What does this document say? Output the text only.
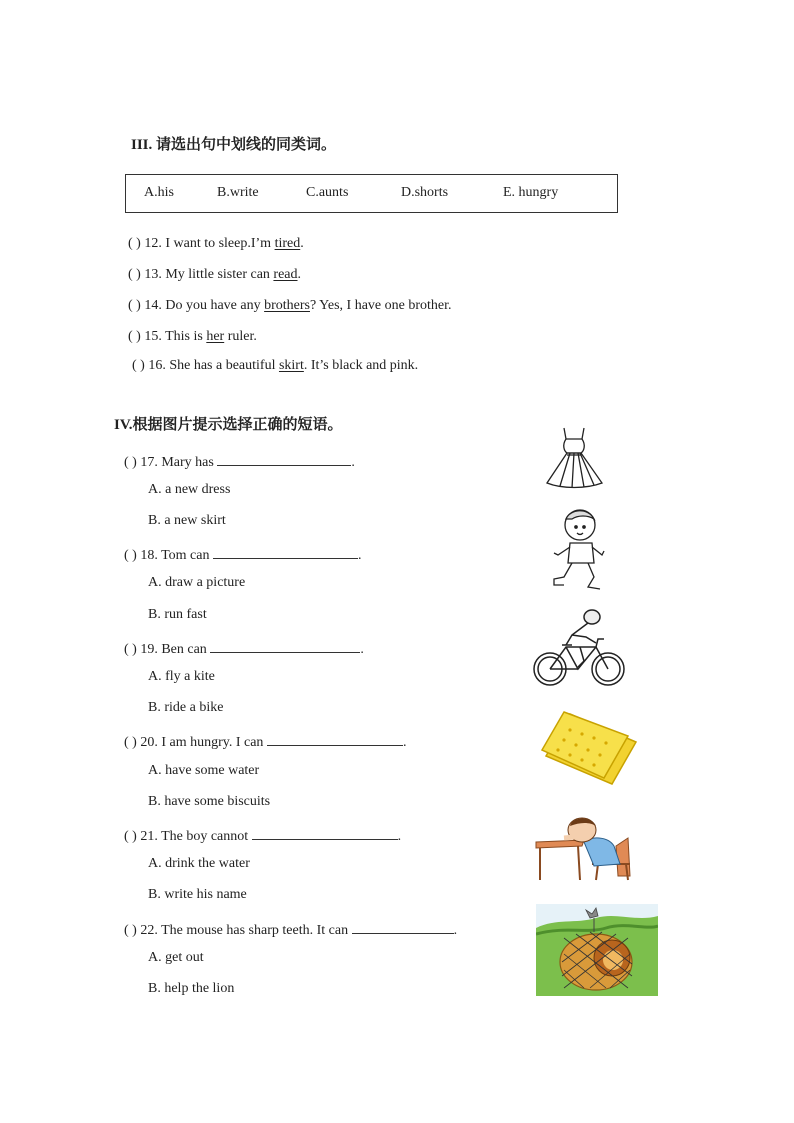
III. 请选出句中划线的同类词。
A.his	B.write	C.aunts	D.shorts	E. hungry
( ) 12. I want to sleep.I’m tired.
( ) 13. My little sister can read.
( ) 14. Do you have any brothers? Yes, I have one brother.
( ) 15. This is her ruler.
( ) 16. She has a beautiful skirt. It’s black and pink.
IV.根据图片提示选择正确的短语。
( ) 17. Mary has	.
A. a new dress
B. a new skirt
( ) 18. Tom can	.
A. draw a picture
B. run fast
( ) 19. Ben can	.
A. fly a kite
B. ride a bike
( ) 20. I am hungry. I can	.
A. have some water
B. have some biscuits
( ) 21. The boy cannot	.
A. drink the water
B. write his name
( ) 22. The mouse has sharp teeth. It can	.
A. get out
B. help the lion
